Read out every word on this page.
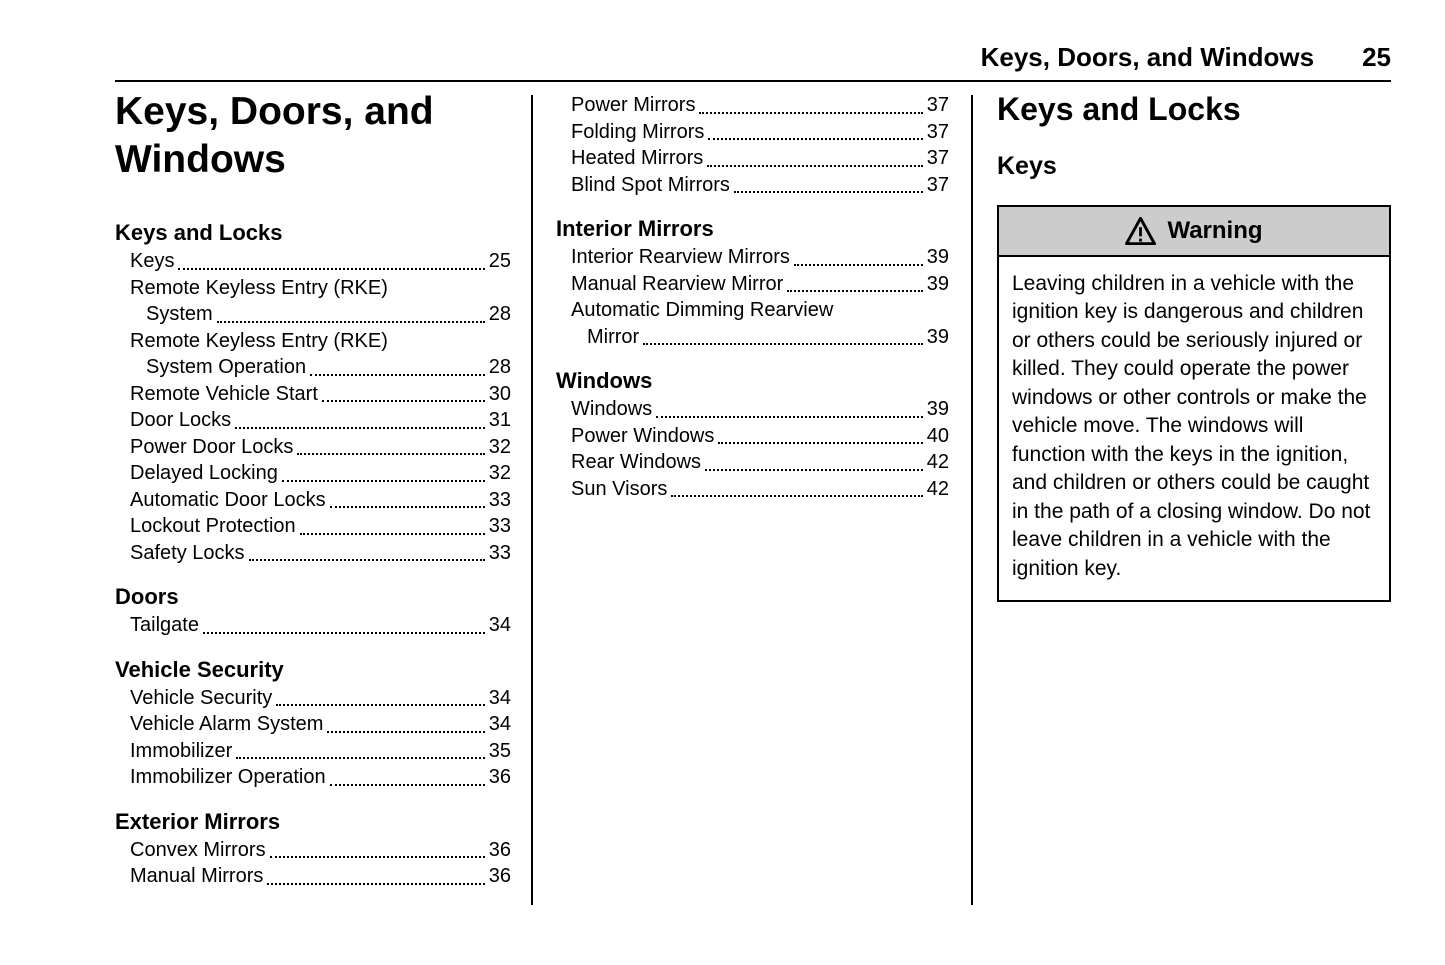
Keys, Doors, and Windows 25
Keys, Doors, and Windows
Keys and Locks
Keys	25
Remote Keyless Entry (RKE)
System	28
Remote Keyless Entry (RKE)
System Operation	28
Remote Vehicle Start	30
Door Locks	31
Power Door Locks	32
Delayed Locking	32
Automatic Door Locks	33
Lockout Protection	33
Safety Locks	33
Doors
Tailgate	34
Vehicle Security
Vehicle Security	34
Vehicle Alarm System	34
Immobilizer	35
Immobilizer Operation	36
Exterior Mirrors
Convex Mirrors	36
Manual Mirrors	36
Power Mirrors	37
Folding Mirrors	37
Heated Mirrors	37
Blind Spot Mirrors	37
Interior Mirrors
Interior Rearview Mirrors	39
Manual Rearview Mirror	39
Automatic Dimming Rearview
Mirror	39
Windows
Windows	39
Power Windows	40
Rear Windows	42
Sun Visors	42
Keys and Locks
Keys
Warning
Leaving children in a vehicle with the ignition key is dangerous and children or others could be seriously injured or killed. They could operate the power windows or other controls or make the vehicle move. The windows will function with the keys in the ignition, and children or others could be caught in the path of a closing window. Do not leave children in a vehicle with the ignition key.
